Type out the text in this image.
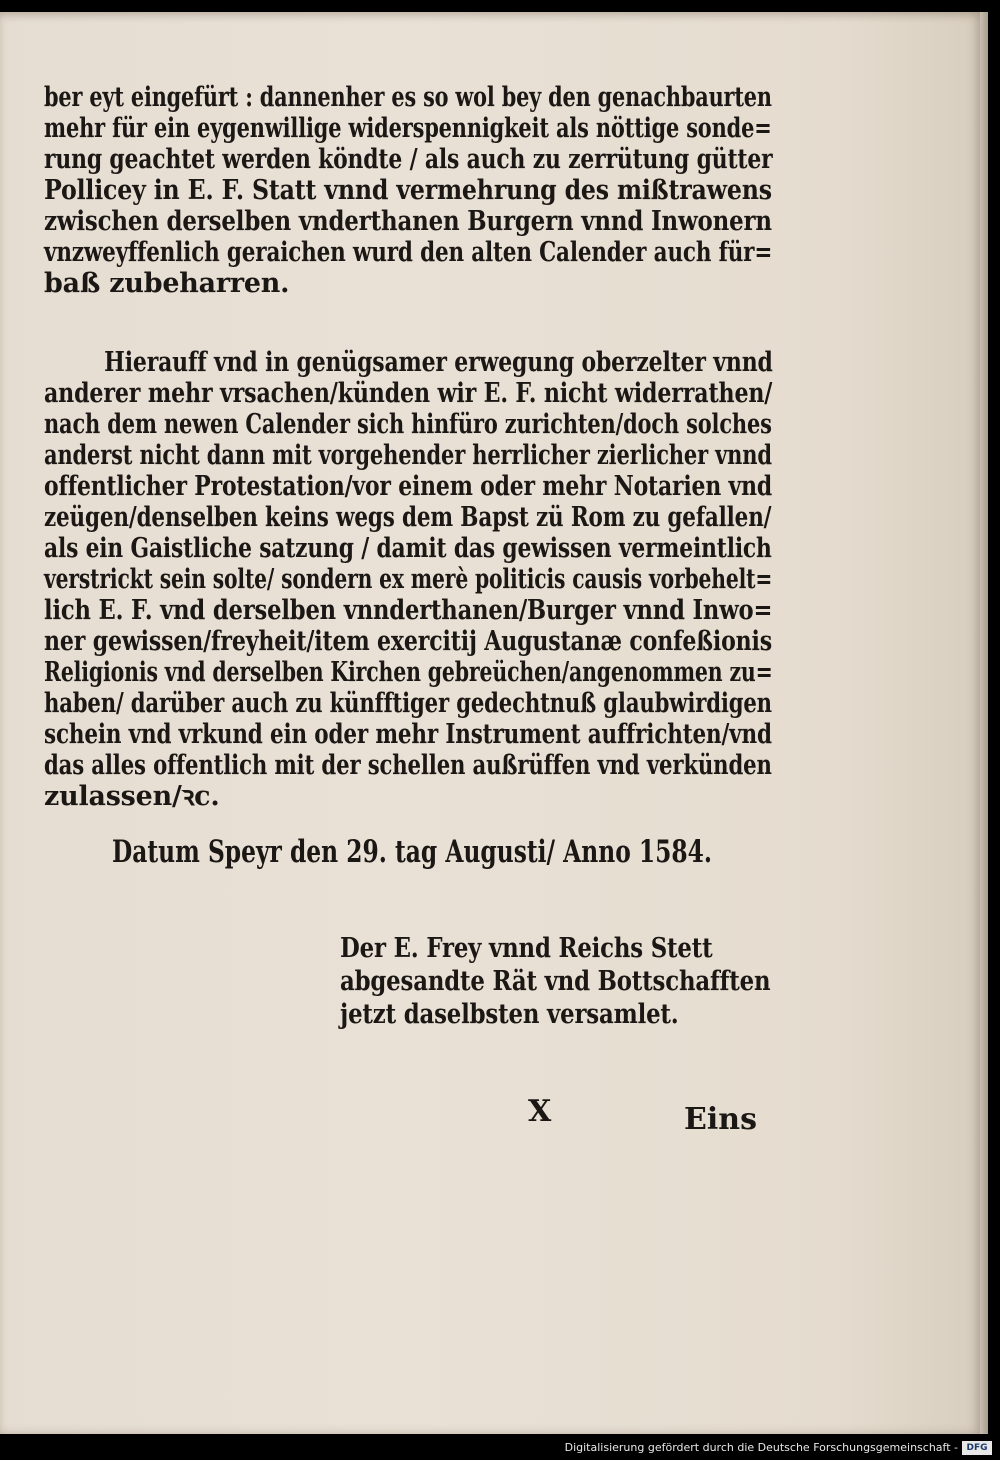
ber eyt eingefürt : dannenher es so wol bey den genachbaurten
mehr für ein eygenwillige widerspennigkeit als nöttige sonde=
rung geachtet werden köndte / als auch zu zerrütung gütter
Pollicey in E. F. Statt vnnd vermehrung des mißtrawens
zwischen derselben vnderthanen Burgern vnnd Inwonern
vnzweyffenlich geraichen wurd den alten Calender auch für=
baß zubeharren.
Hierauff vnd in genügsamer erwegung oberzelter vnnd
anderer mehr vrsachen/künden wir E. F. nicht widerrathen/
nach dem newen Calender sich hinfüro zurichten/doch solches
anderst nicht dann mit vorgehender herrlicher zierlicher vnnd
offentlicher Protestation/vor einem oder mehr Notarien vnd
zeügen/denselben keins wegs dem Bapst zü Rom zu gefallen/
als ein Gaistliche satzung / damit das gewissen vermeintlich
verstrickt sein solte/ sondern ex merè politicis causis vorbehelt=
lich E. F. vnd derselben vnnderthanen/Burger vnnd Inwo=
ner gewissen/freyheit/item exercitij Augustanæ confeßionis
Religionis vnd derselben Kirchen gebreüchen/angenommen zu=
haben/ darüber auch zu künfftiger gedechtnuß glaubwirdigen
schein vnd vrkund ein oder mehr Instrument auffrichten/vnd
das alles offentlich mit der schellen außrüffen vnd verkünden
zulassen/ꝛc.
Datum Speyr den 29. tag Augusti/ Anno 1584.
Der E. Frey vnnd Reichs Stett
abgesandte Rät vnd Bottschafften
jetzt daselbsten versamlet.
X	Eins
Digitalisierung gefördert durch die Deutsche Forschungsgemeinschaft - DFG
